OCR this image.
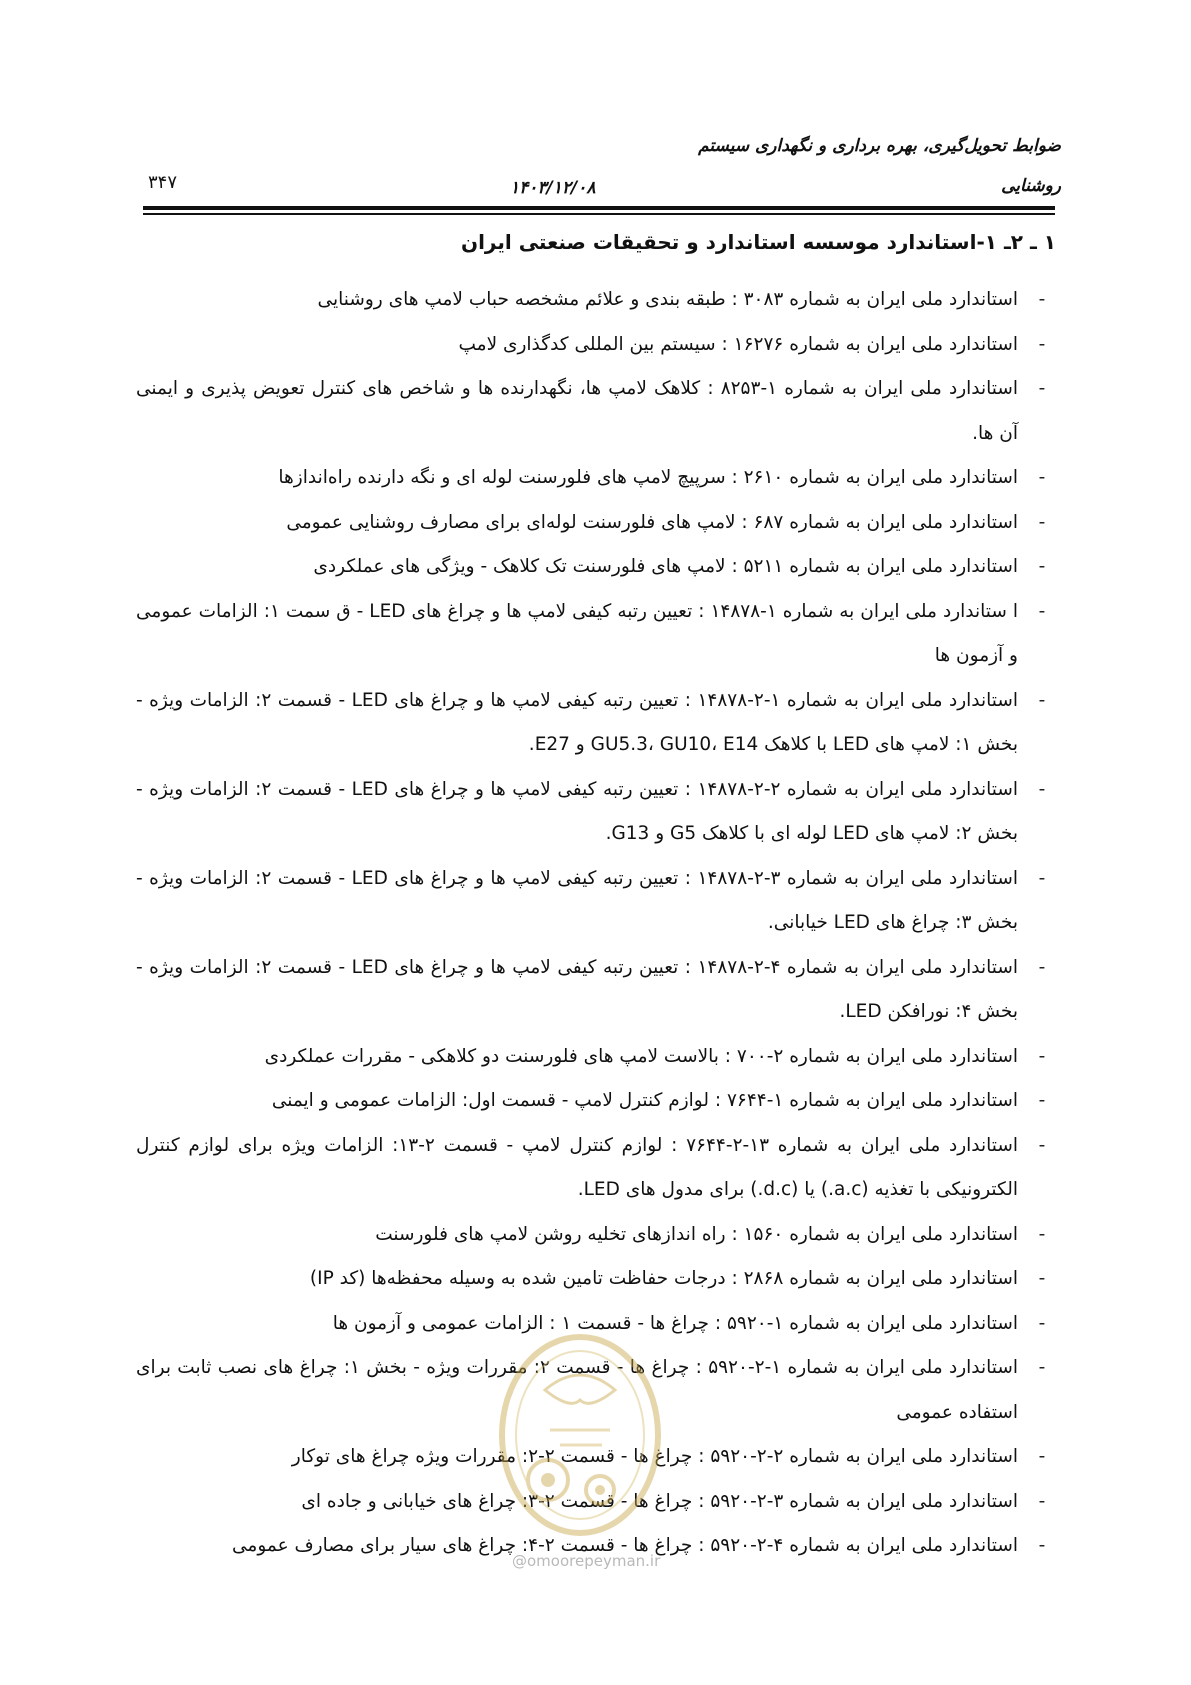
ضوابط تحویل‌گیری، بهره برداری و نگهداری سیستم
روشنایی
۱۴۰۳/۱۲/۰۸
۳۴۷
۱ ـ ۲ـ ۱-استاندارد موسسه استاندارد و تحقیقات صنعتی ایران
-
استاندارد ملی ایران به شماره ۳۰۸۳ : طبقه بندی و علائم مشخصه حباب لامپ های روشنایی
-
استاندارد ملی ایران به شماره ۱۶۲۷۶ : سیستم بین المللی کدگذاری لامپ
-
استاندارد ملی ایران به شماره ۱-۸۲۵۳ : کلاهک لامپ ها، نگهدارنده ها و شاخص های کنترل تعویض پذیری و ایمنی آن ها.
-
استاندارد ملی ایران به شماره ۲۶۱۰ : سرپیچ لامپ های فلورسنت لوله ای و نگه دارنده راه‌اندازها
-
استاندارد ملی ایران به شماره ۶۸۷ : لامپ های فلورسنت لوله‌ای برای مصارف روشنایی عمومی
-
استاندارد ملی ایران به شماره ۵۲۱۱ : لامپ های فلورسنت تک کلاهک - ویژگی های عملکردی
-
ا ستاندارد ملی ایران به شماره ۱-۱۴۸۷۸ : تعیین رتبه کیفی لامپ ها و چراغ های LED - ق سمت ۱: الزامات عمومی و آزمون ها
-
استاندارد ملی ایران به شماره ۱-۲-۱۴۸۷۸ : تعیین رتبه کیفی لامپ ها و چراغ های LED - قسمت ۲: الزامات ویژه - بخش ۱: لامپ های LED با کلاهک GU5.3، GU10، E14 و E27.
-
استاندارد ملی ایران به شماره ۲-۲-۱۴۸۷۸ : تعیین رتبه کیفی لامپ ها و چراغ های LED - قسمت ۲: الزامات ویژه - بخش ۲: لامپ های LED لوله ای با کلاهک G5 و G13.
-
استاندارد ملی ایران به شماره ۳-۲-۱۴۸۷۸ : تعیین رتبه کیفی لامپ ها و چراغ های LED - قسمت ۲: الزامات ویژه - بخش ۳: چراغ های LED خیابانی.
-
استاندارد ملی ایران به شماره ۴-۲-۱۴۸۷۸ : تعیین رتبه کیفی لامپ ها و چراغ های LED - قسمت ۲: الزامات ویژه - بخش ۴: نورافکن LED.
-
استاندارد ملی ایران به شماره ۲-۷۰۰ : بالاست لامپ های فلورسنت دو کلاهکی - مقررات عملکردی
-
استاندارد ملی ایران به شماره ۱-۷۶۴۴ : لوازم کنترل لامپ - قسمت اول: الزامات عمومی و ایمنی
-
استاندارد ملی ایران به شماره ۱۳-۲-۷۶۴۴ : لوازم کنترل لامپ - قسمت ۲-۱۳: الزامات ویژه برای لوازم کنترل الکترونیکی با تغذیه (a.c.) یا (d.c.) برای مدول های LED.
-
استاندارد ملی ایران به شماره ۱۵۶۰ : راه اندازهای تخلیه روشن لامپ های فلورسنت
-
استاندارد ملی ایران به شماره ۲۸۶۸ : درجات حفاظت تامین شده به وسیله محفظه‌ها (کد IP)
-
استاندارد ملی ایران به شماره ۱-۵۹۲۰ : چراغ ها - قسمت ۱ : الزامات عمومی و آزمون ها
-
استاندارد ملی ایران به شماره ۱-۲-۵۹۲۰ : چراغ ها - قسمت ۲: مقررات ویژه - بخش ۱: چراغ های نصب ثابت برای استفاده عمومی
-
استاندارد ملی ایران به شماره ۲-۲-۵۹۲۰ : چراغ ها - قسمت ۲-۲: مقررات ویژه چراغ های توکار
-
استاندارد ملی ایران به شماره ۳-۲-۵۹۲۰ : چراغ ها - قسمت ۲-۳: چراغ های خیابانی و جاده ای
-
استاندارد ملی ایران به شماره ۴-۲-۵۹۲۰ : چراغ ها - قسمت ۲-۴: چراغ های سیار برای مصارف عمومی
@omoorepeyman.ir
